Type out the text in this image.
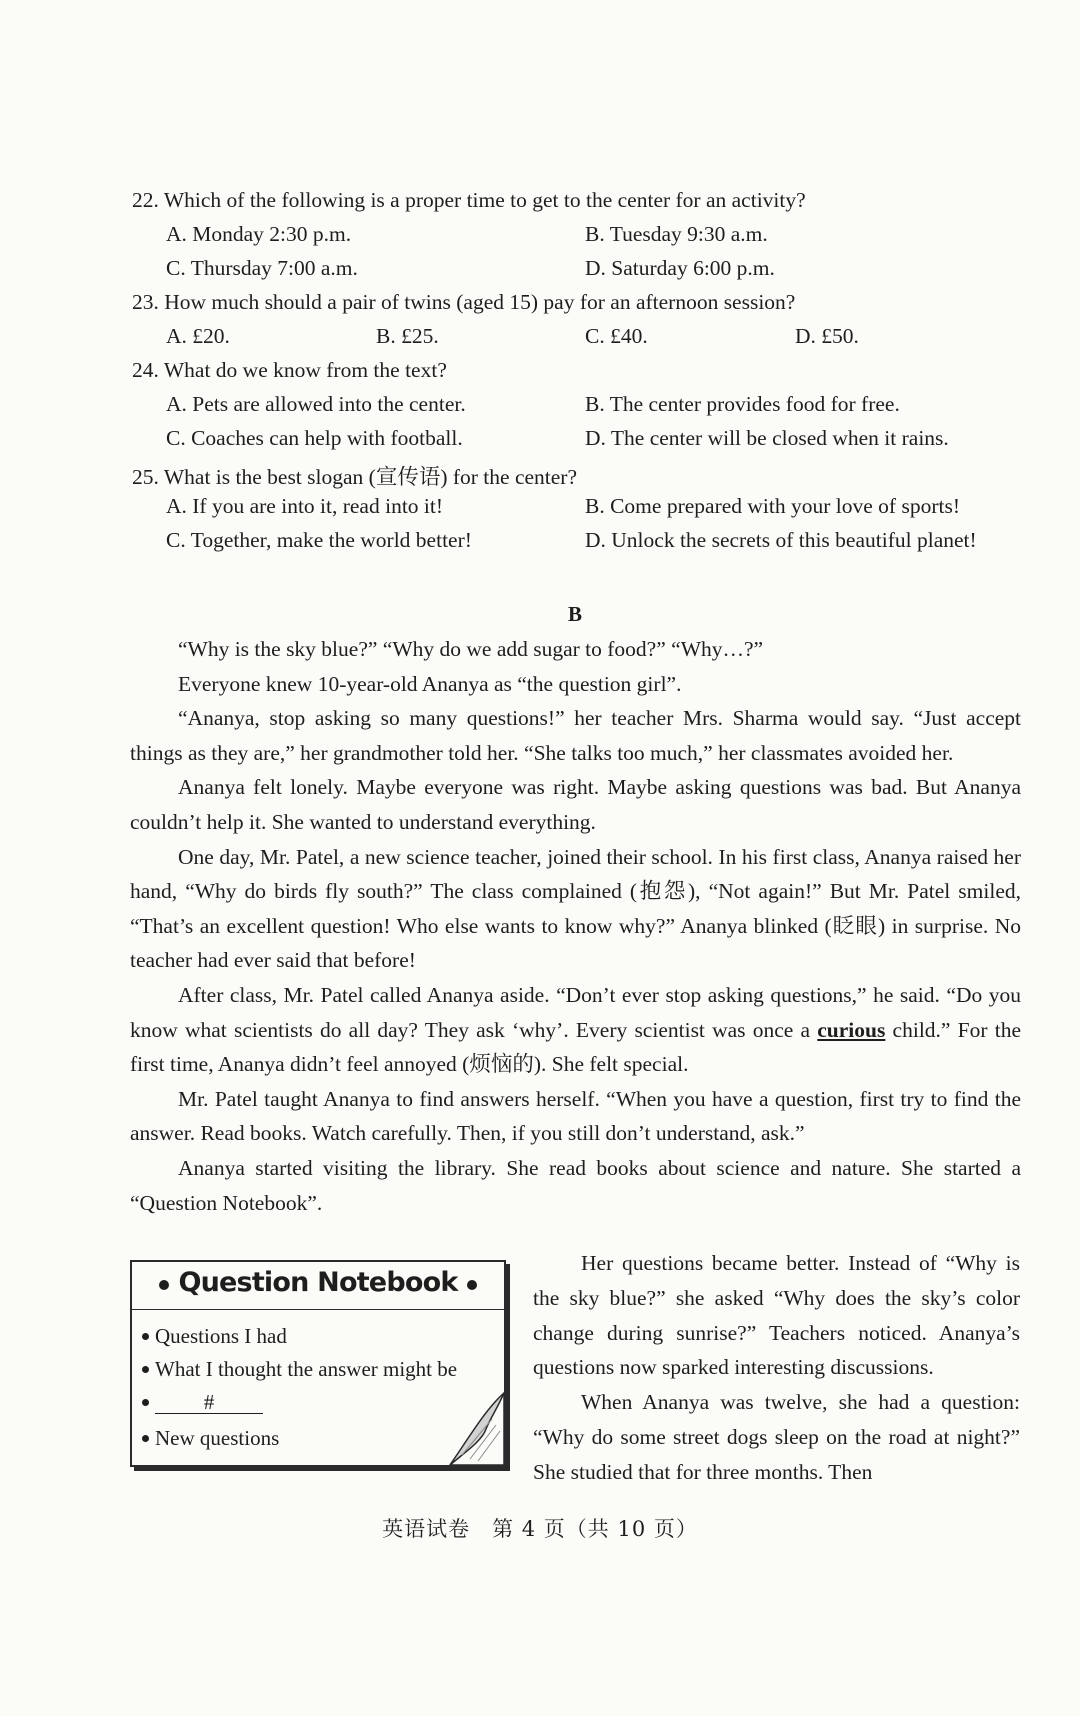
22. Which of the following is a proper time to get to the center for an activity?
A. Monday 2:30 p.m.	B. Tuesday 9:30 a.m.
C. Thursday 7:00 a.m.	D. Saturday 6:00 p.m.
23. How much should a pair of twins (aged 15) pay for an afternoon session?
A. £20.	B. £25.	C. £40.	D. £50.
24. What do we know from the text?
A. Pets are allowed into the center.	B. The center provides food for free.
C. Coaches can help with football.	D. The center will be closed when it rains.
25. What is the best slogan (宣传语) for the center?
A. If you are into it, read into it!	B. Come prepared with your love of sports!
C. Together, make the world better!	D. Unlock the secrets of this beautiful planet!
B

“Why is the sky blue?” “Why do we add sugar to food?” “Why…?”

Everyone knew 10-year-old Ananya as “the question girl”.

“Ananya, stop asking so many questions!” her teacher Mrs. Sharma would say. “Just accept things as they are,” her grandmother told her. “She talks too much,” her classmates avoided her.

Ananya felt lonely. Maybe everyone was right. Maybe asking questions was bad. But Ananya couldn’t help it. She wanted to understand everything.

One day, Mr. Patel, a new science teacher, joined their school. In his first class, Ananya raised her hand, “Why do birds fly south?” The class complained (抱怨), “Not again!” But Mr. Patel smiled, “That’s an excellent question! Who else wants to know why?” Ananya blinked (眨眼) in surprise. No teacher had ever said that before!

After class, Mr. Patel called Ananya aside. “Don’t ever stop asking questions,” he said. “Do you know what scientists do all day? They ask ‘why’. Every scientist was once a curious child.” For the first time, Ananya didn’t feel annoyed (烦恼的). She felt special.

Mr. Patel taught Ananya to find answers herself. “When you have a question, first try to find the answer. Read books. Watch carefully. Then, if you still don’t understand, ask.”

Ananya started visiting the library. She read books about science and nature. She started a “Question Notebook”.

Question Notebook
Questions I had
What I thought the answer might be
#
New questions

Her questions became better. Instead of “Why is the sky blue?” she asked “Why does the sky’s color change during sunrise?” Teachers noticed. Ananya’s questions now sparked interesting discussions.

When Ananya was twelve, she had a question: “Why do some street dogs sleep on the road at night?” She studied that for three months. Then

英语试卷　第 4 页（共 10 页）
